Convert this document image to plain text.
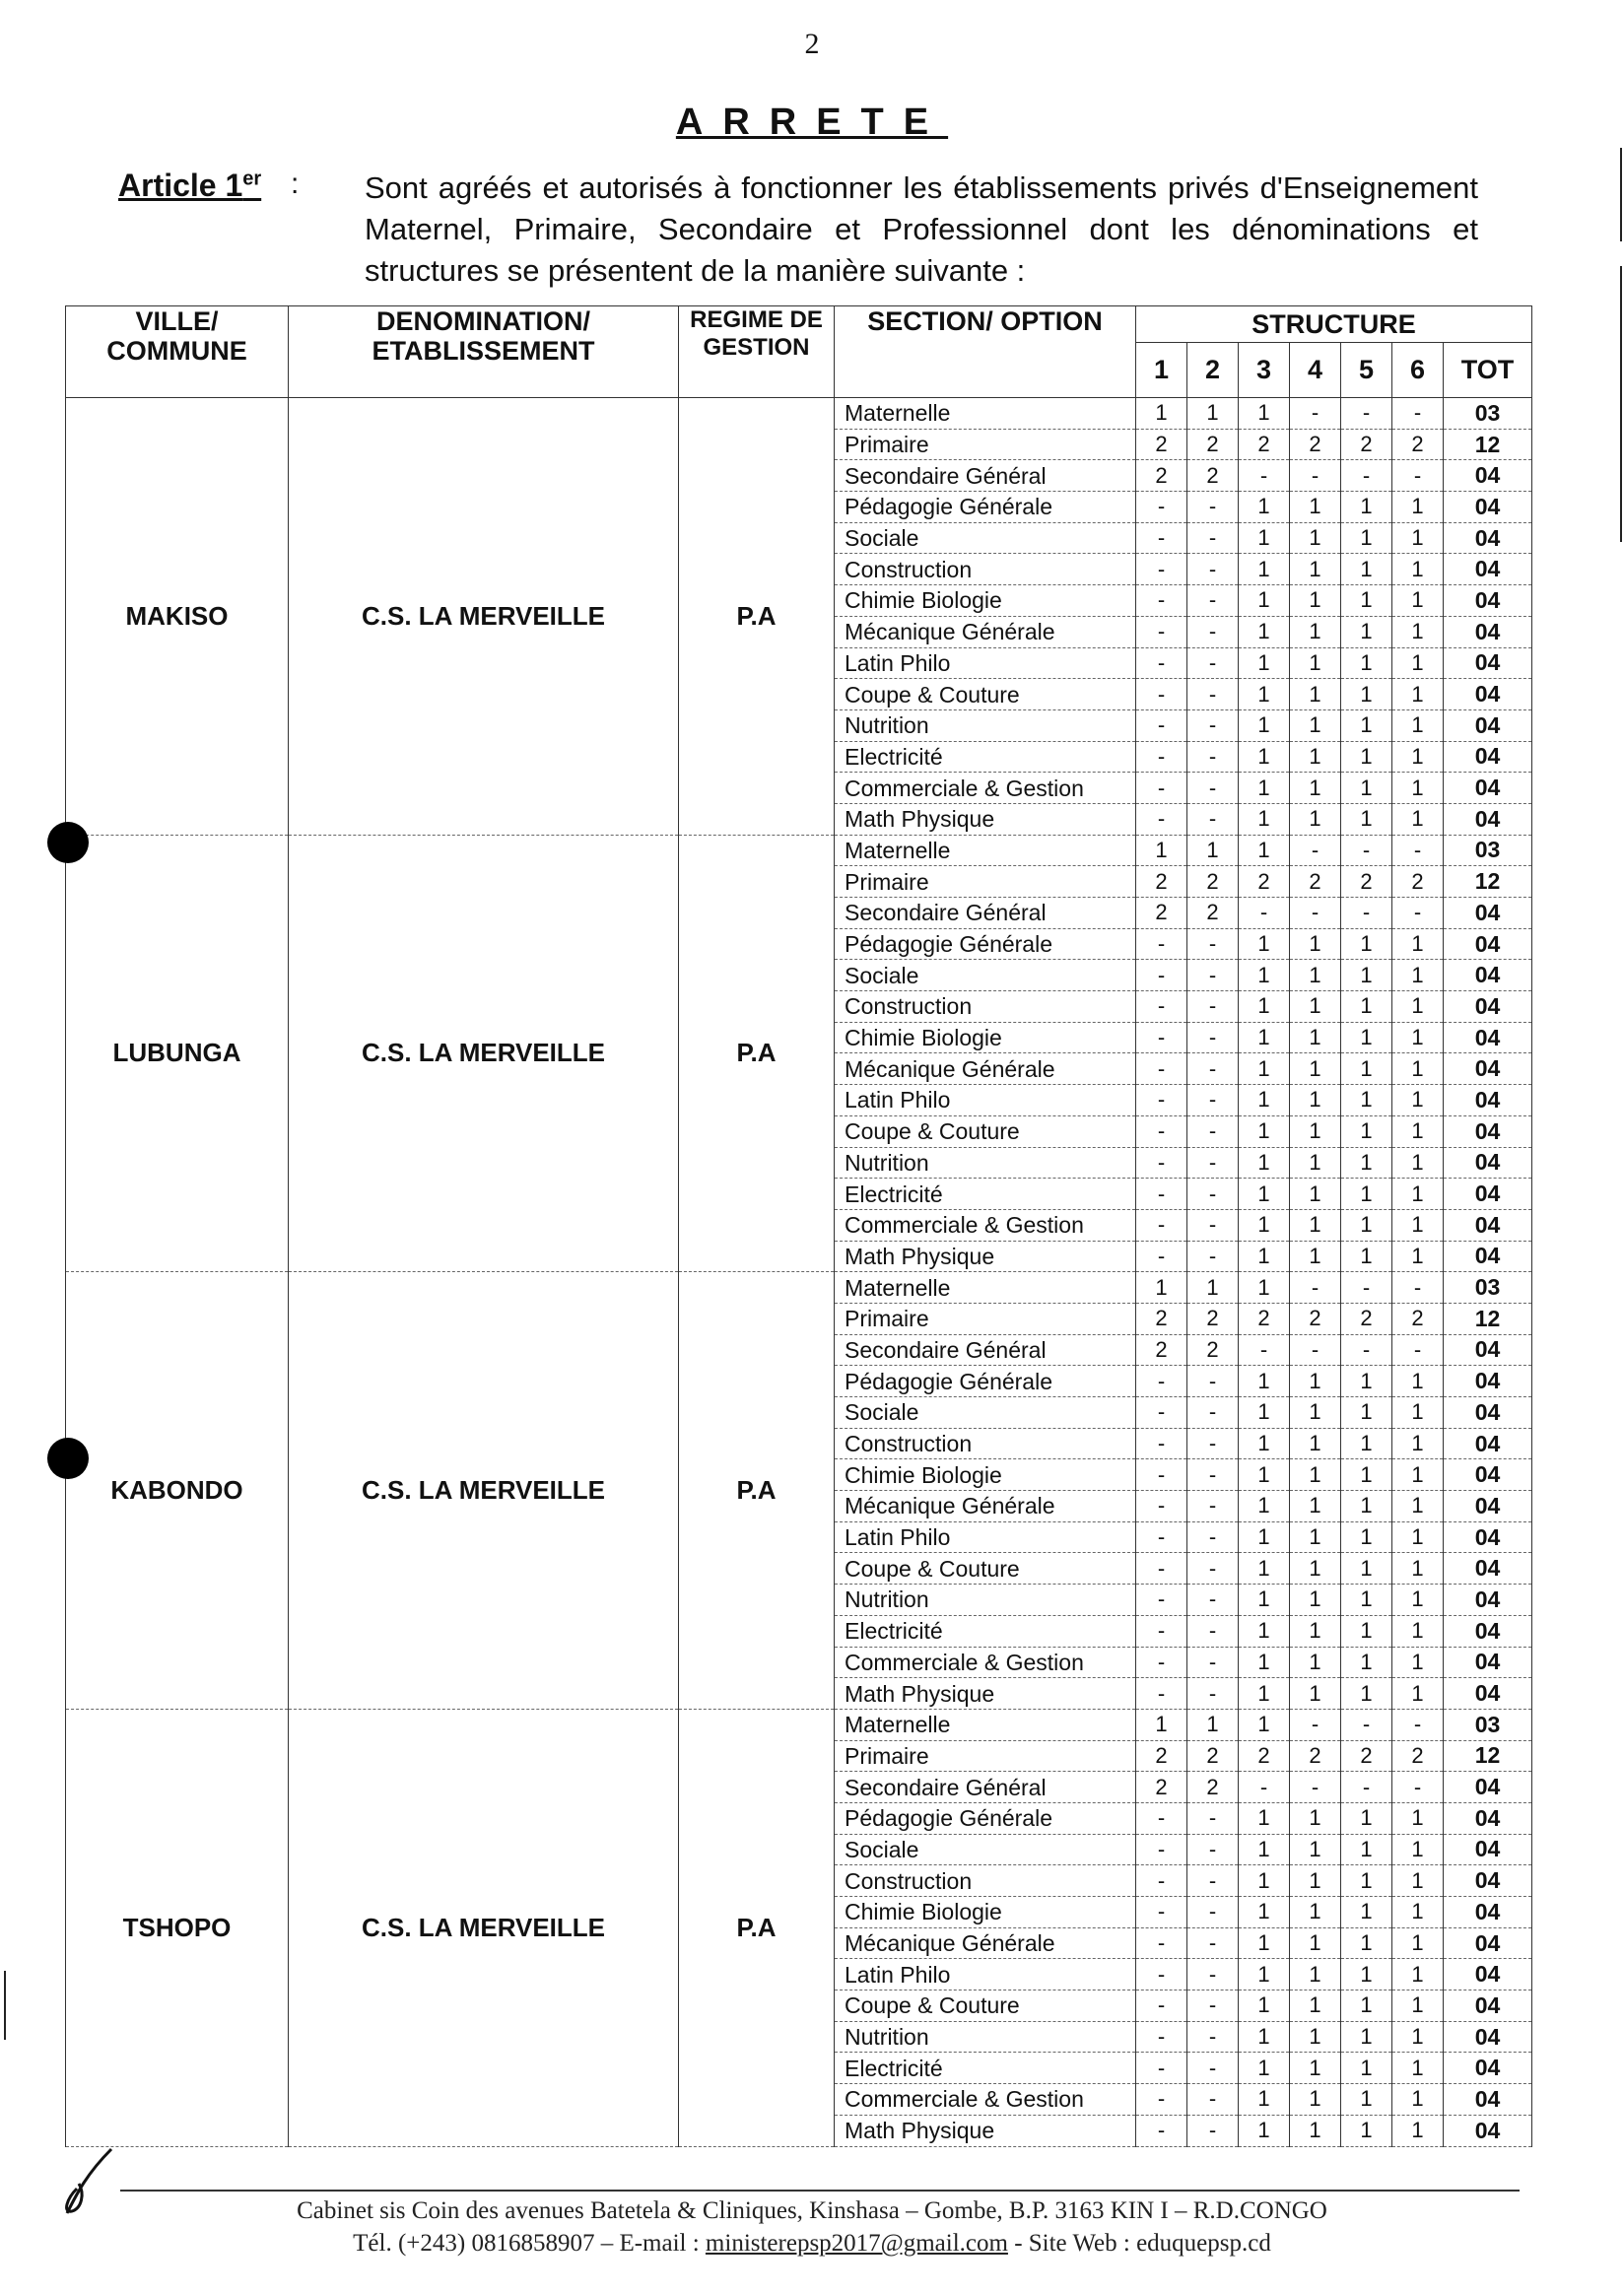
2
ARRETE
Article 1er : Sont agréés et autorisés à fonctionner les établissements privés d'Enseignement Maternel, Primaire, Secondaire et Professionnel dont les dénominations et structures se présentent de la manière suivante :
VILLE/ COMMUNE	DENOMINATION/ ETABLISSEMENT	REGIME DE GESTION	SECTION/ OPTION	STRUCTURE						
				1	2	3	4	5	6	TOT
MAKISO	C.S. LA MERVEILLE	P.A	Maternelle	1	1	1	-	-	-	03
			Primaire	2	2	2	2	2	2	12
			Secondaire Général	2	2	-	-	-	-	04
			Pédagogie Générale	-	-	1	1	1	1	04
			Sociale	-	-	1	1	1	1	04
			Construction	-	-	1	1	1	1	04
			Chimie Biologie	-	-	1	1	1	1	04
			Mécanique Générale	-	-	1	1	1	1	04
			Latin Philo	-	-	1	1	1	1	04
			Coupe & Couture	-	-	1	1	1	1	04
			Nutrition	-	-	1	1	1	1	04
			Electricité	-	-	1	1	1	1	04
			Commerciale & Gestion	-	-	1	1	1	1	04
			Math Physique	-	-	1	1	1	1	04
LUBUNGA	C.S. LA MERVEILLE	P.A	Maternelle	1	1	1	-	-	-	03
			Primaire	2	2	2	2	2	2	12
			Secondaire Général	2	2	-	-	-	-	04
			Pédagogie Générale	-	-	1	1	1	1	04
			Sociale	-	-	1	1	1	1	04
			Construction	-	-	1	1	1	1	04
			Chimie Biologie	-	-	1	1	1	1	04
			Mécanique Générale	-	-	1	1	1	1	04
			Latin Philo	-	-	1	1	1	1	04
			Coupe & Couture	-	-	1	1	1	1	04
			Nutrition	-	-	1	1	1	1	04
			Electricité	-	-	1	1	1	1	04
			Commerciale & Gestion	-	-	1	1	1	1	04
			Math Physique	-	-	1	1	1	1	04
KABONDO	C.S. LA MERVEILLE	P.A	Maternelle	1	1	1	-	-	-	03
			Primaire	2	2	2	2	2	2	12
			Secondaire Général	2	2	-	-	-	-	04
			Pédagogie Générale	-	-	1	1	1	1	04
			Sociale	-	-	1	1	1	1	04
			Construction	-	-	1	1	1	1	04
			Chimie Biologie	-	-	1	1	1	1	04
			Mécanique Générale	-	-	1	1	1	1	04
			Latin Philo	-	-	1	1	1	1	04
			Coupe & Couture	-	-	1	1	1	1	04
			Nutrition	-	-	1	1	1	1	04
			Electricité	-	-	1	1	1	1	04
			Commerciale & Gestion	-	-	1	1	1	1	04
			Math Physique	-	-	1	1	1	1	04
TSHOPO	C.S. LA MERVEILLE	P.A	Maternelle	1	1	1	-	-	-	03
			Primaire	2	2	2	2	2	2	12
			Secondaire Général	2	2	-	-	-	-	04
			Pédagogie Générale	-	-	1	1	1	1	04
			Sociale	-	-	1	1	1	1	04
			Construction	-	-	1	1	1	1	04
			Chimie Biologie	-	-	1	1	1	1	04
			Mécanique Générale	-	-	1	1	1	1	04
			Latin Philo	-	-	1	1	1	1	04
			Coupe & Couture	-	-	1	1	1	1	04
			Nutrition	-	-	1	1	1	1	04
			Electricité	-	-	1	1	1	1	04
			Commerciale & Gestion	-	-	1	1	1	1	04
			Math Physique	-	-	1	1	1	1	04
Cabinet sis Coin des avenues Batetela & Cliniques, Kinshasa – Gombe, B.P. 3163 KIN I – R.D.CONGO
Tél. (+243) 0816858907 – E-mail : ministerepsp2017@gmail.com - Site Web : eduquepsp.cd
